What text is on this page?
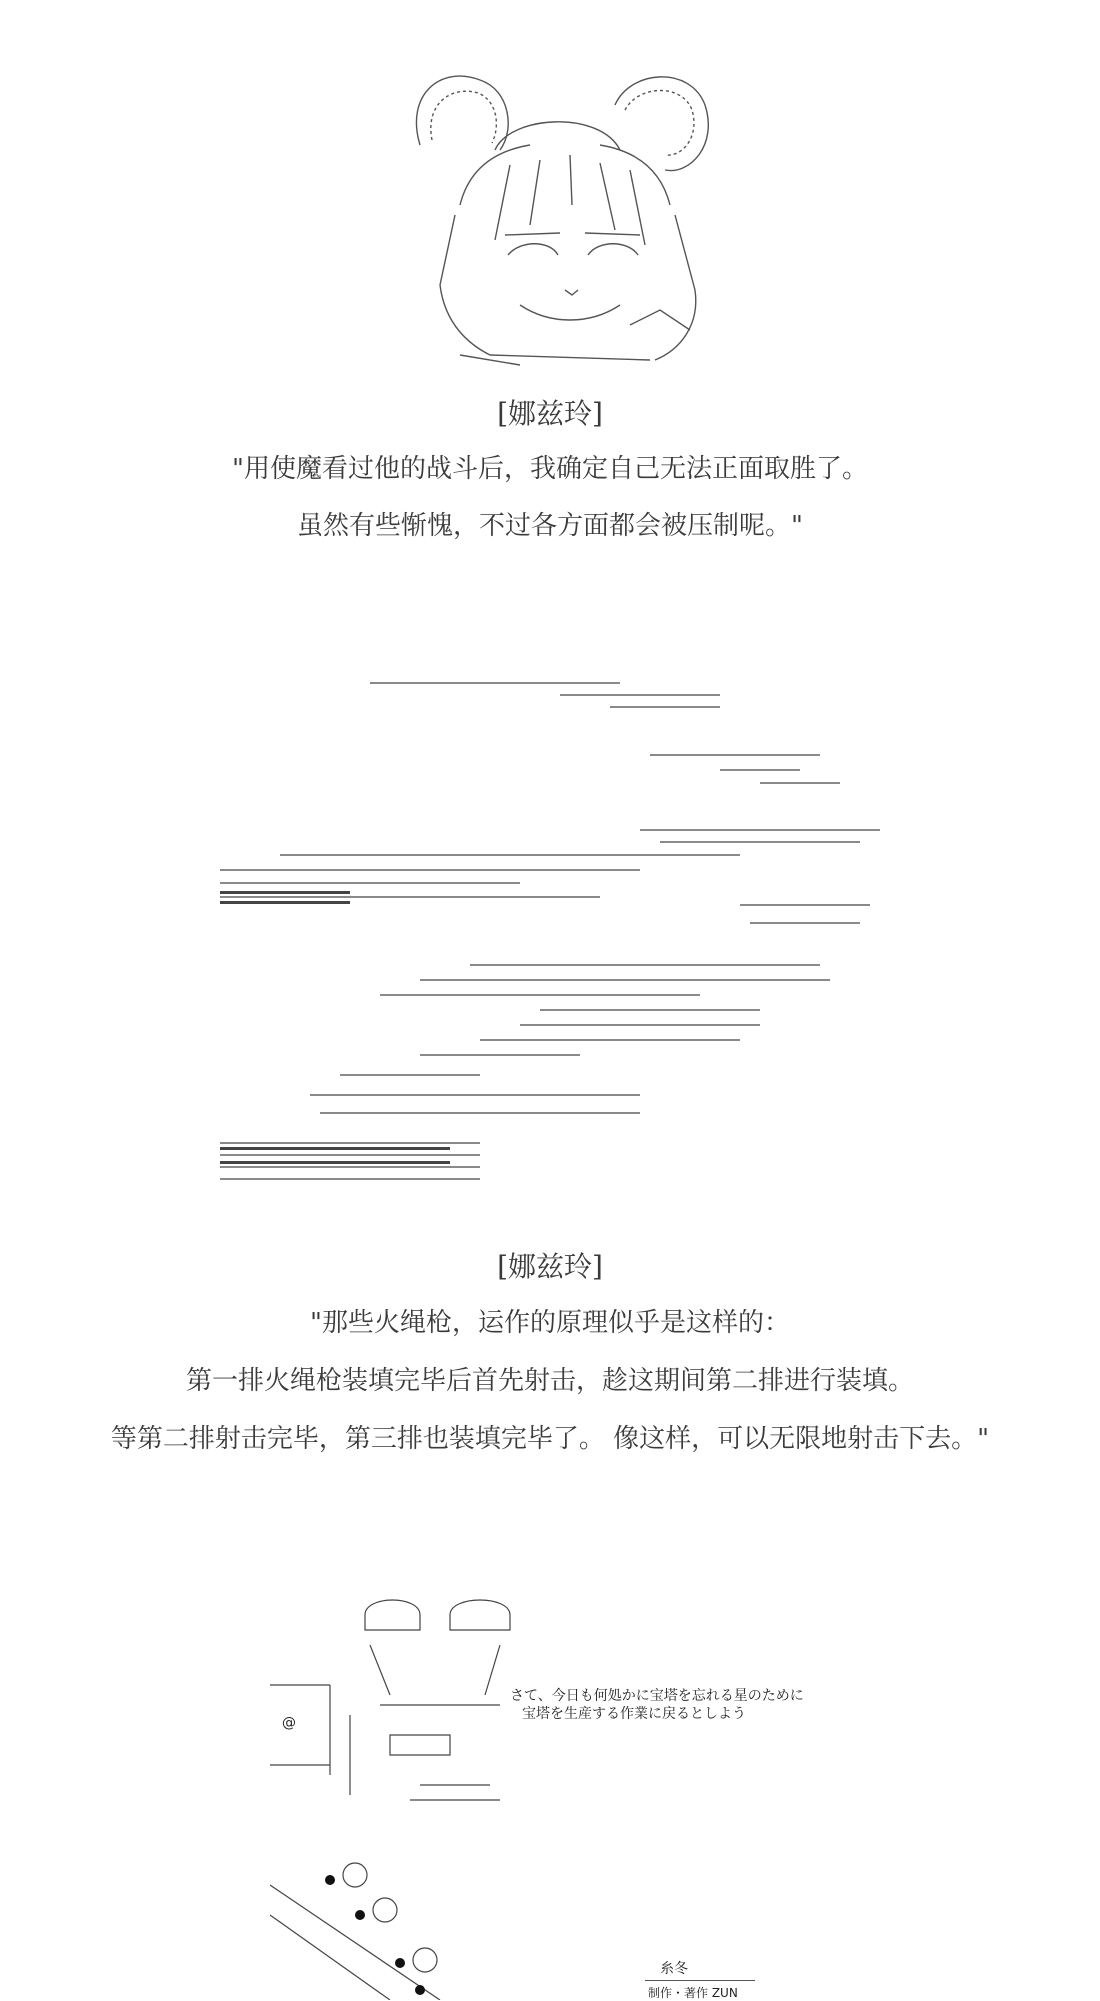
[娜兹玲]
"用使魔看过他的战斗后，我确定自己无法正面取胜了。
虽然有些惭愧，不过各方面都会被压制呢。"
[娜兹玲]
"那些火绳枪，运作的原理似乎是这样的：
第一排火绳枪装填完毕后首先射击，趁这期间第二排进行装填。
等第二排射击完毕，第三排也装填完毕了。 像这样，可以无限地射击下去。"
@
さて、今日も何処かに宝塔を忘れる星のために
宝塔を生産する作業に戻るとしよう
糸冬
制作・著作 ZUN
